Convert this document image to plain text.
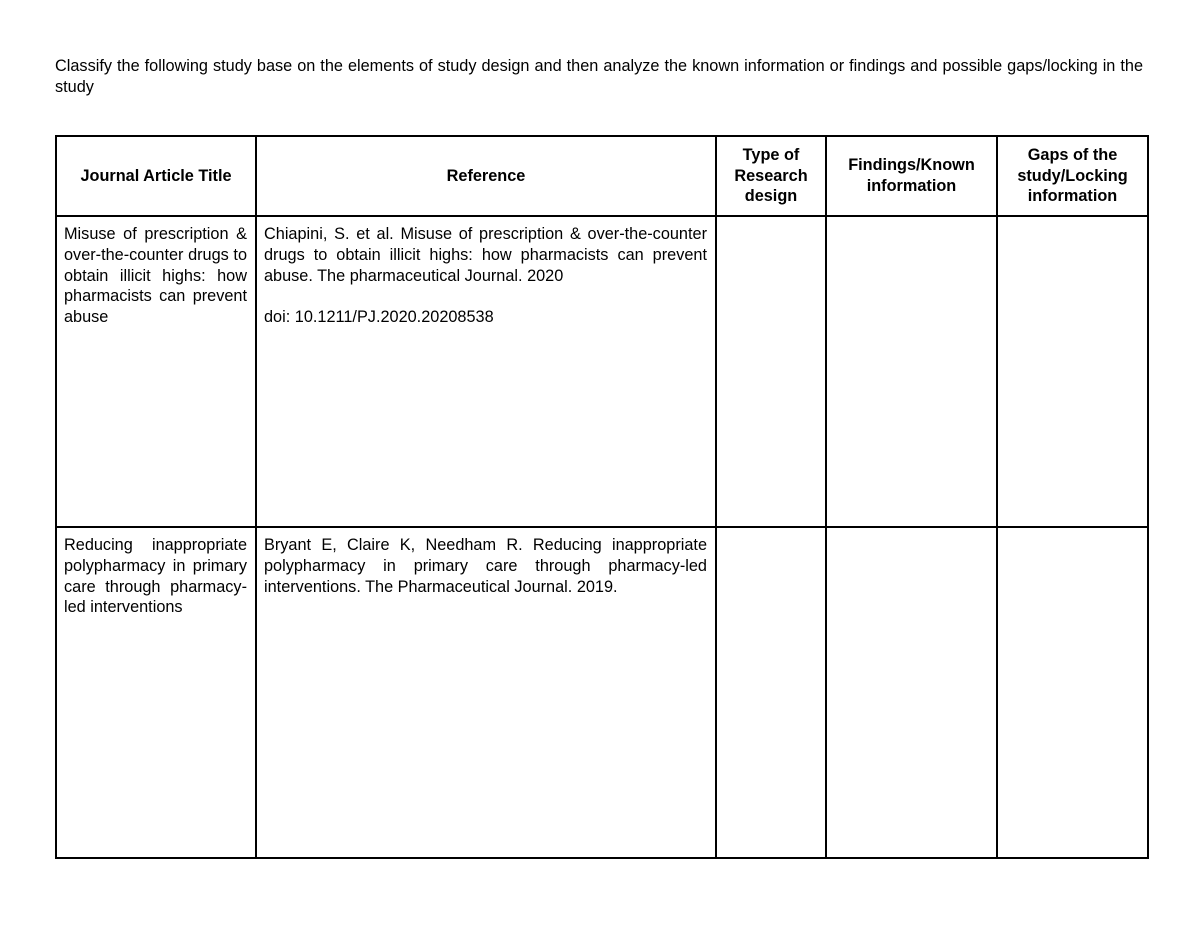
Classify the following study base on the elements of study design and then analyze the known information or findings and possible gaps/locking in the study

Journal Article Title	Reference	Type of Research design	Findings/Known information	Gaps of the study/Locking information
Misuse of prescription & over-the-counter drugs to obtain illicit highs: how pharmacists can prevent abuse	Chiapini, S. et al. Misuse of prescription & over-the-counter drugs to obtain illicit highs: how pharmacists can prevent abuse. The pharmaceutical Journal. 2020

doi: 10.1211/PJ.2020.20208538			

Reducing inappropriate polypharmacy in primary care through pharmacy-led interventions	Bryant E, Claire K, Needham R. Reducing inappropriate polypharmacy in primary care through pharmacy-led interventions. The Pharmaceutical Journal. 2019.			
